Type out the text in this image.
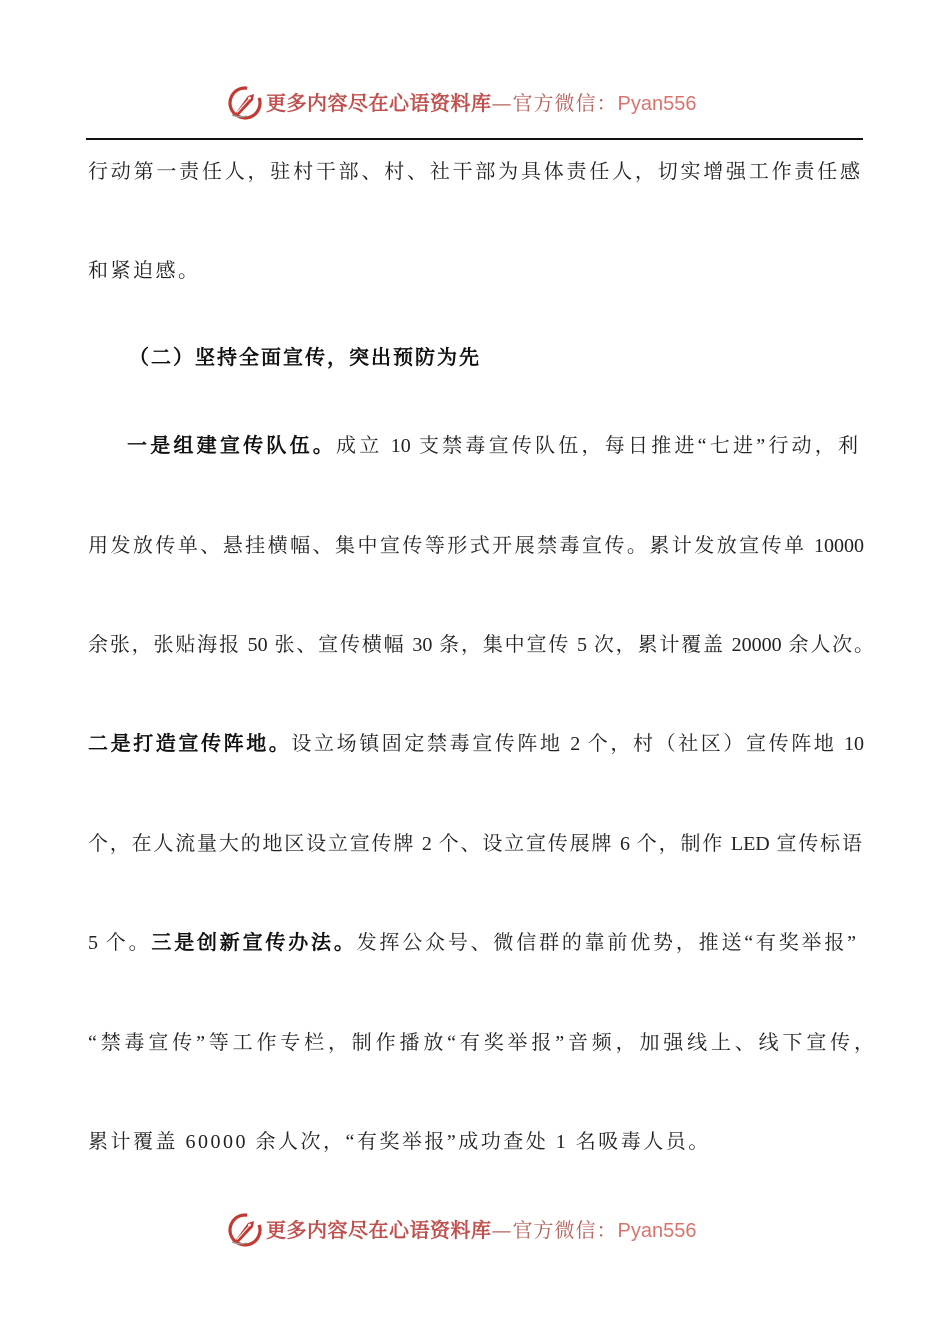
更多内容尽在心语资料库—官方微信：Pyan556
行动第一责任人，驻村干部、村、社干部为具体责任人，切实增强工作责任感
和紧迫感。
（二）坚持全面宣传，突出预防为先
一是组建宣传队伍。成立 10 支禁毒宣传队伍，每日推进“七进”行动，利
用发放传单、悬挂横幅、集中宣传等形式开展禁毒宣传。累计发放宣传单 10000
余张，张贴海报 50 张、宣传横幅 30 条，集中宣传 5 次，累计覆盖 20000 余人次。
二是打造宣传阵地。设立场镇固定禁毒宣传阵地 2 个，村（社区）宣传阵地 10
个，在人流量大的地区设立宣传牌 2 个、设立宣传展牌 6 个，制作 LED 宣传标语
5 个。三是创新宣传办法。发挥公众号、微信群的靠前优势，推送“有奖举报”
“禁毒宣传”等工作专栏，制作播放“有奖举报”音频，加强线上、线下宣传，
累计覆盖 60000 余人次，“有奖举报”成功查处 1 名吸毒人员。
更多内容尽在心语资料库—官方微信：Pyan556
